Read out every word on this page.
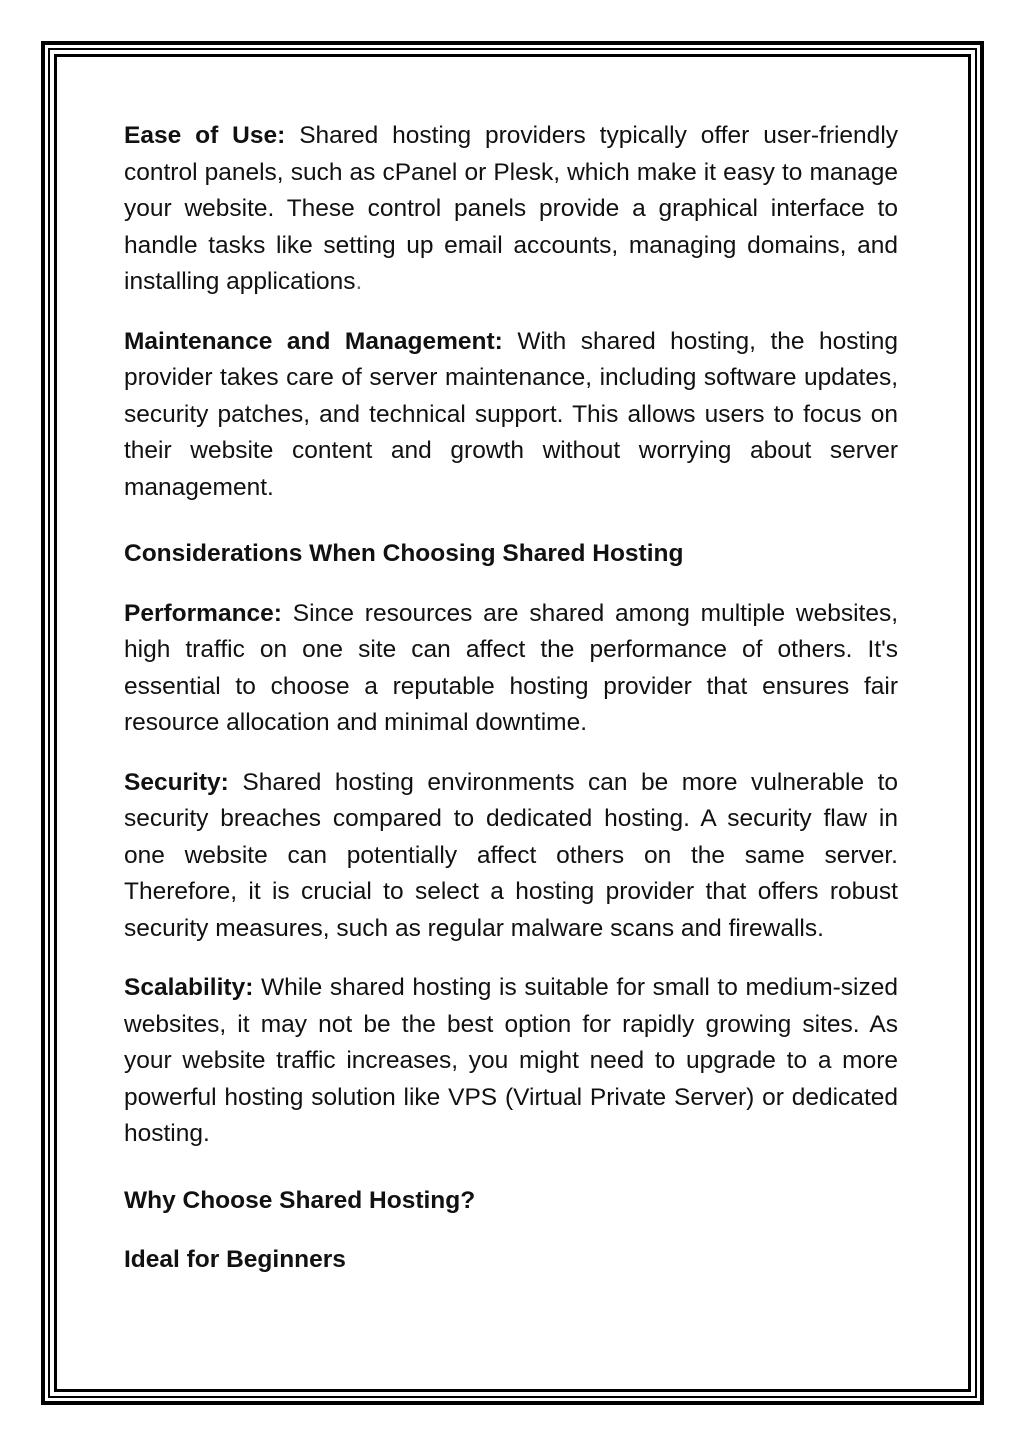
Ease of Use: Shared hosting providers typically offer user-friendly control panels, such as cPanel or Plesk, which make it easy to manage your website. These control panels provide a graphical interface to handle tasks like setting up email accounts, managing domains, and installing applications.

Maintenance and Management: With shared hosting, the hosting provider takes care of server maintenance, including software updates, security patches, and technical support. This allows users to focus on their website content and growth without worrying about server management.

Considerations When Choosing Shared Hosting

Performance: Since resources are shared among multiple websites, high traffic on one site can affect the performance of others. It's essential to choose a reputable hosting provider that ensures fair resource allocation and minimal downtime.

Security: Shared hosting environments can be more vulnerable to security breaches compared to dedicated hosting. A security flaw in one website can potentially affect others on the same server. Therefore, it is crucial to select a hosting provider that offers robust security measures, such as regular malware scans and firewalls.

Scalability: While shared hosting is suitable for small to medium-sized websites, it may not be the best option for rapidly growing sites. As your website traffic increases, you might need to upgrade to a more powerful hosting solution like VPS (Virtual Private Server) or dedicated hosting.

Why Choose Shared Hosting?

Ideal for Beginners
